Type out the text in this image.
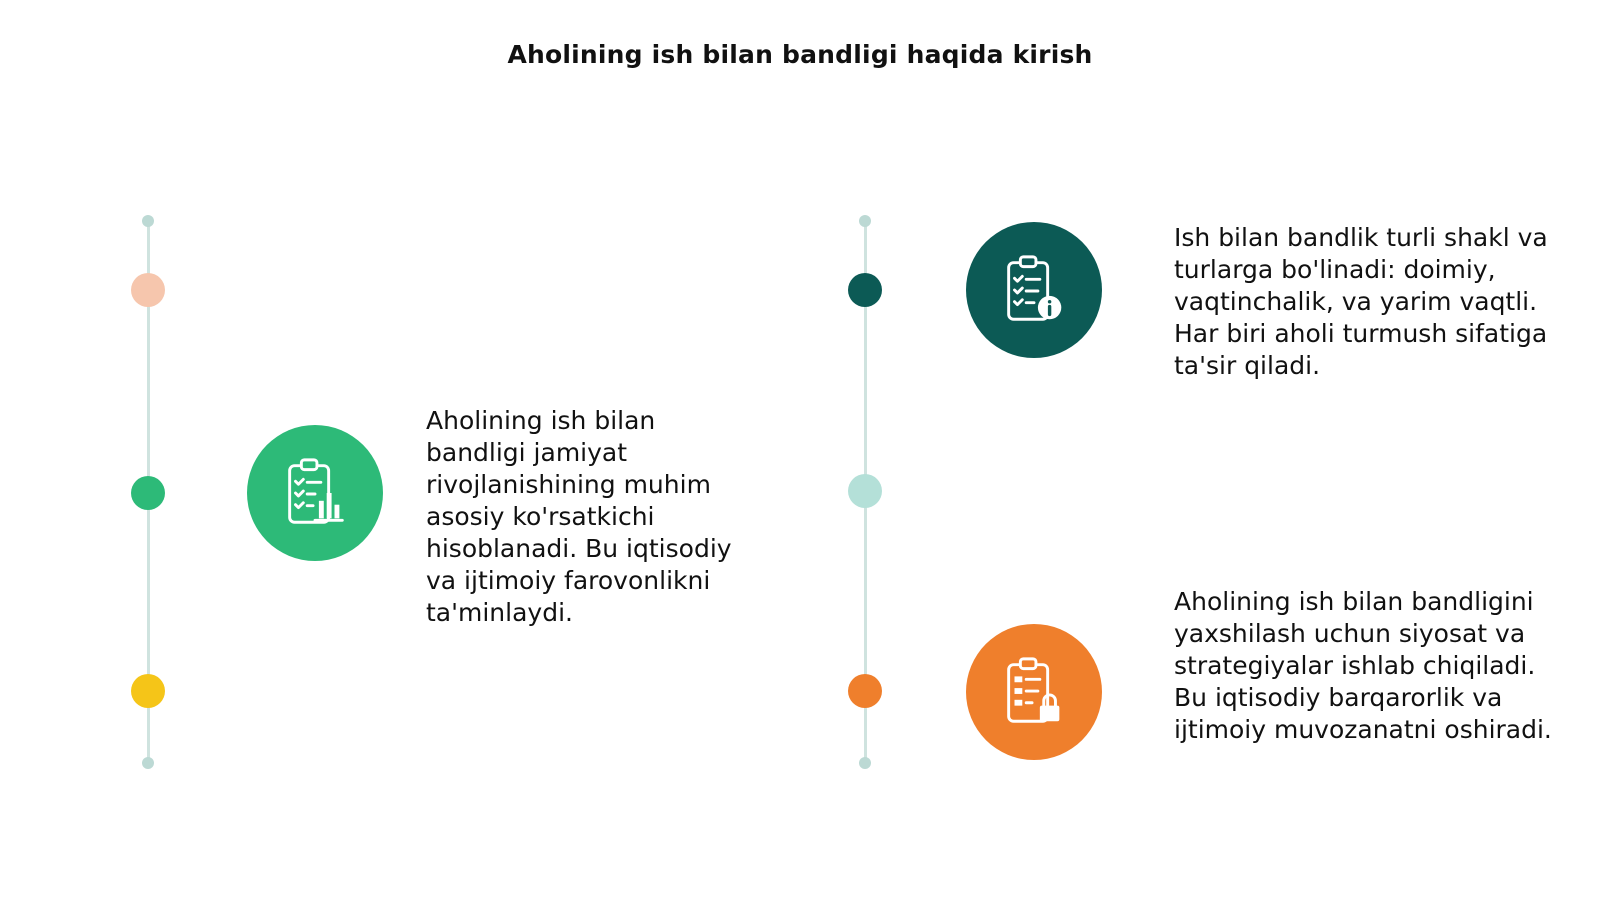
Aholining ish bilan bandligi haqida kirish
Aholining ish bilan bandligi jamiyat rivojlanishining muhim asosiy ko'rsatkichi hisoblanadi. Bu iqtisodiy va ijtimoiy farovonlikni ta'minlaydi.
Ish bilan bandlik turli shakl va turlarga bo'linadi: doimiy, vaqtinchalik, va yarim vaqtli. Har biri aholi turmush sifatiga ta'sir qiladi.
Aholining ish bilan bandligini yaxshilash uchun siyosat va strategiyalar ishlab chiqiladi. Bu iqtisodiy barqarorlik va ijtimoiy muvozanatni oshiradi.
